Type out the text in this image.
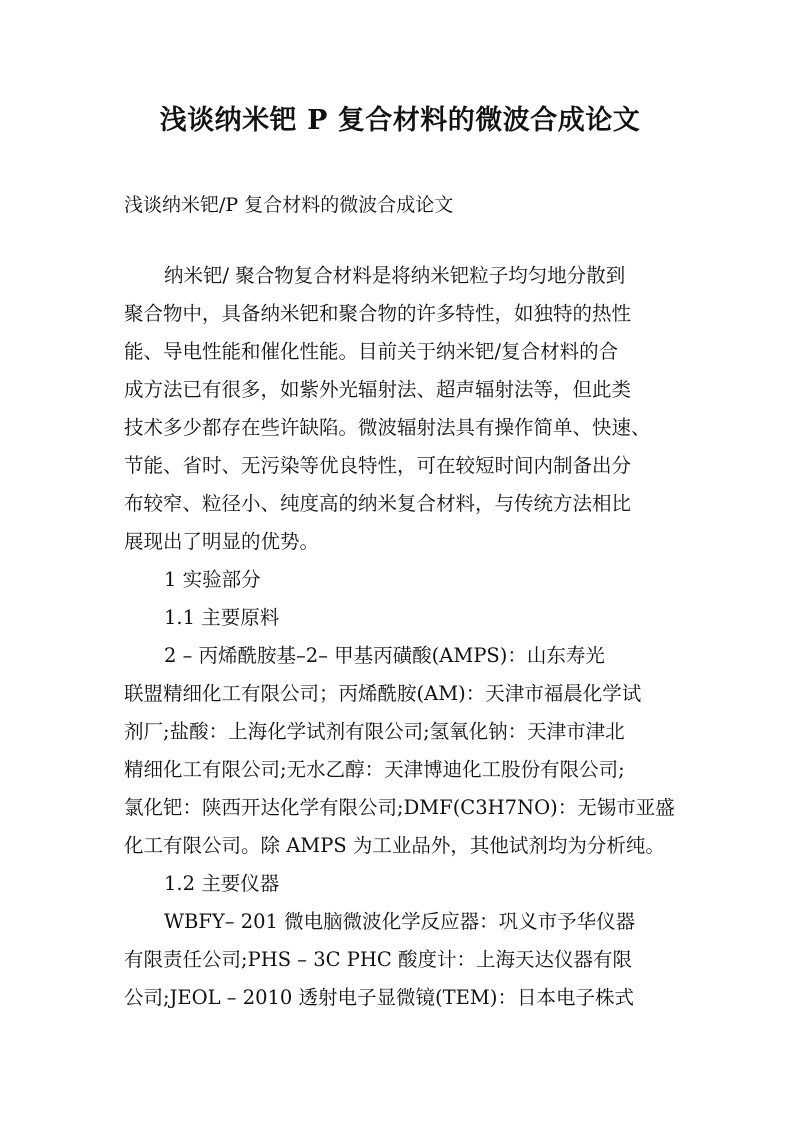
浅谈纳米钯 P 复合材料的微波合成论文
浅谈纳米钯/P 复合材料的微波合成论文
纳米钯/ 聚合物复合材料是将纳米钯粒子均匀地分散到
聚合物中，具备纳米钯和聚合物的许多特性，如独特的热性
能、导电性能和催化性能。目前关于纳米钯/复合材料的合
成方法已有很多，如紫外光辐射法、超声辐射法等，但此类
技术多少都存在些许缺陷。微波辐射法具有操作简单、快速、
节能、省时、无污染等优良特性，可在较短时间内制备出分
布较窄、粒径小、纯度高的纳米复合材料，与传统方法相比
展现出了明显的优势。
1 实验部分
1.1 主要原料
2 – 丙烯酰胺基–2– 甲基丙磺酸(AMPS)：山东寿光
联盟精细化工有限公司；丙烯酰胺(AM)：天津市福晨化学试
剂厂;盐酸：上海化学试剂有限公司;氢氧化钠：天津市津北
精细化工有限公司;无水乙醇：天津博迪化工股份有限公司;
氯化钯：陕西开达化学有限公司;DMF(C3H7NO)：无锡市亚盛
化工有限公司。除 AMPS 为工业品外，其他试剂均为分析纯。
1.2 主要仪器
WBFY– 201 微电脑微波化学反应器：巩义市予华仪器
有限责任公司;PHS – 3C PHC 酸度计：上海天达仪器有限
公司;JEOL – 2010 透射电子显微镜(TEM)：日本电子株式
